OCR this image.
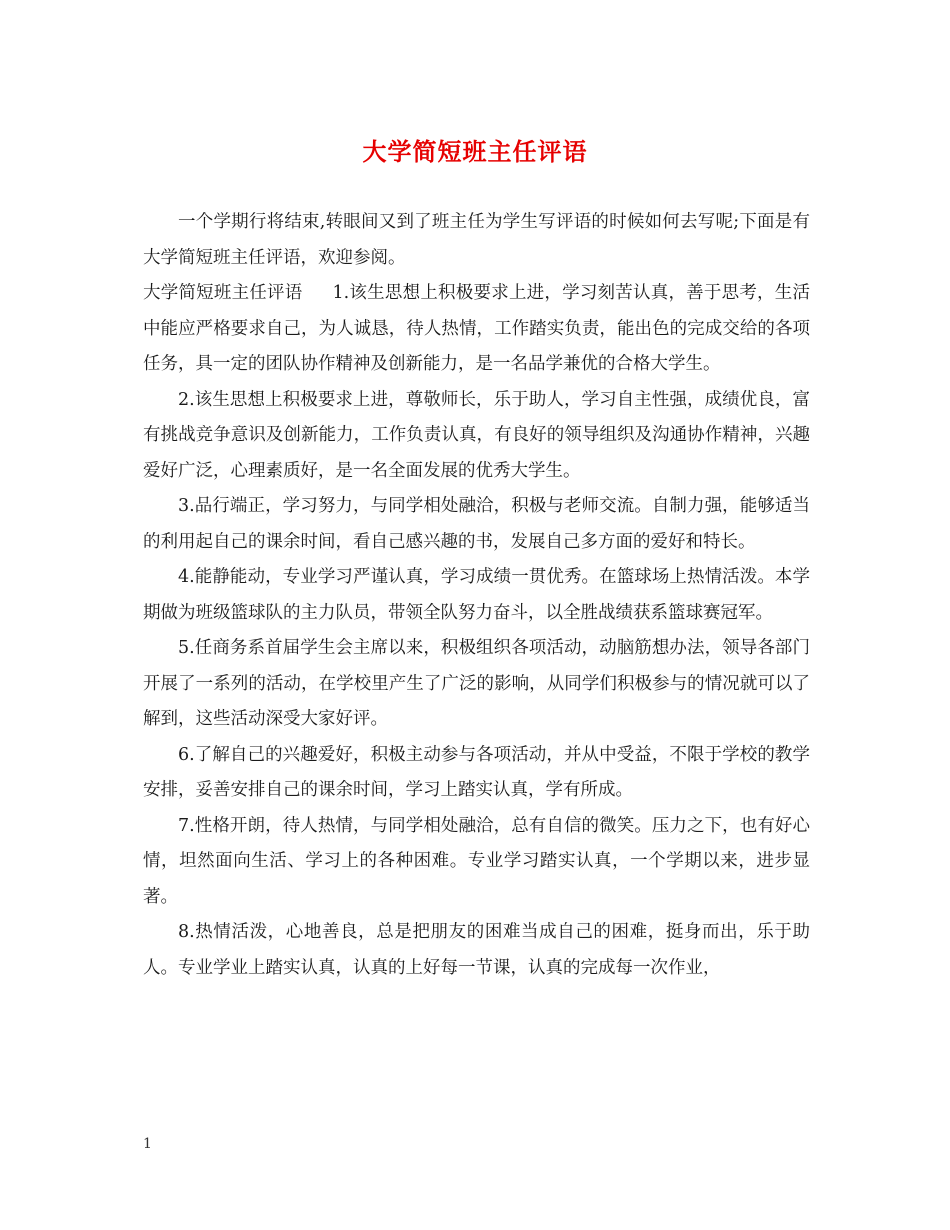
大学简短班主任评语

一个学期行将结束,转眼间又到了班主任为学生写评语的时候如何去写呢;下面是有大学简短班主任评语，欢迎参阅。

大学简短班主任评语 1.该生思想上积极要求上进，学习刻苦认真，善于思考，生活中能应严格要求自己，为人诚恳，待人热情，工作踏实负责，能出色的完成交给的各项任务，具一定的团队协作精神及创新能力，是一名品学兼优的合格大学生。

2.该生思想上积极要求上进，尊敬师长，乐于助人，学习自主性强，成绩优良，富有挑战竞争意识及创新能力，工作负责认真，有良好的领导组织及沟通协作精神，兴趣爱好广泛，心理素质好，是一名全面发展的优秀大学生。

3.品行端正，学习努力，与同学相处融洽，积极与老师交流。自制力强，能够适当的利用起自己的课余时间，看自己感兴趣的书，发展自己多方面的爱好和特长。

4.能静能动，专业学习严谨认真，学习成绩一贯优秀。在篮球场上热情活泼。本学期做为班级篮球队的主力队员，带领全队努力奋斗，以全胜战绩获系篮球赛冠军。

5.任商务系首届学生会主席以来，积极组织各项活动，动脑筋想办法，领导各部门开展了一系列的活动，在学校里产生了广泛的影响，从同学们积极参与的情况就可以了解到，这些活动深受大家好评。

6.了解自己的兴趣爱好，积极主动参与各项活动，并从中受益，不限于学校的教学安排，妥善安排自己的课余时间，学习上踏实认真，学有所成。

7.性格开朗，待人热情，与同学相处融洽，总有自信的微笑。压力之下，也有好心情，坦然面向生活、学习上的各种困难。专业学习踏实认真，一个学期以来，进步显著。

8.热情活泼，心地善良，总是把朋友的困难当成自己的困难，挺身而出，乐于助人。专业学业上踏实认真，认真的上好每一节课，认真的完成每一次作业，

1
